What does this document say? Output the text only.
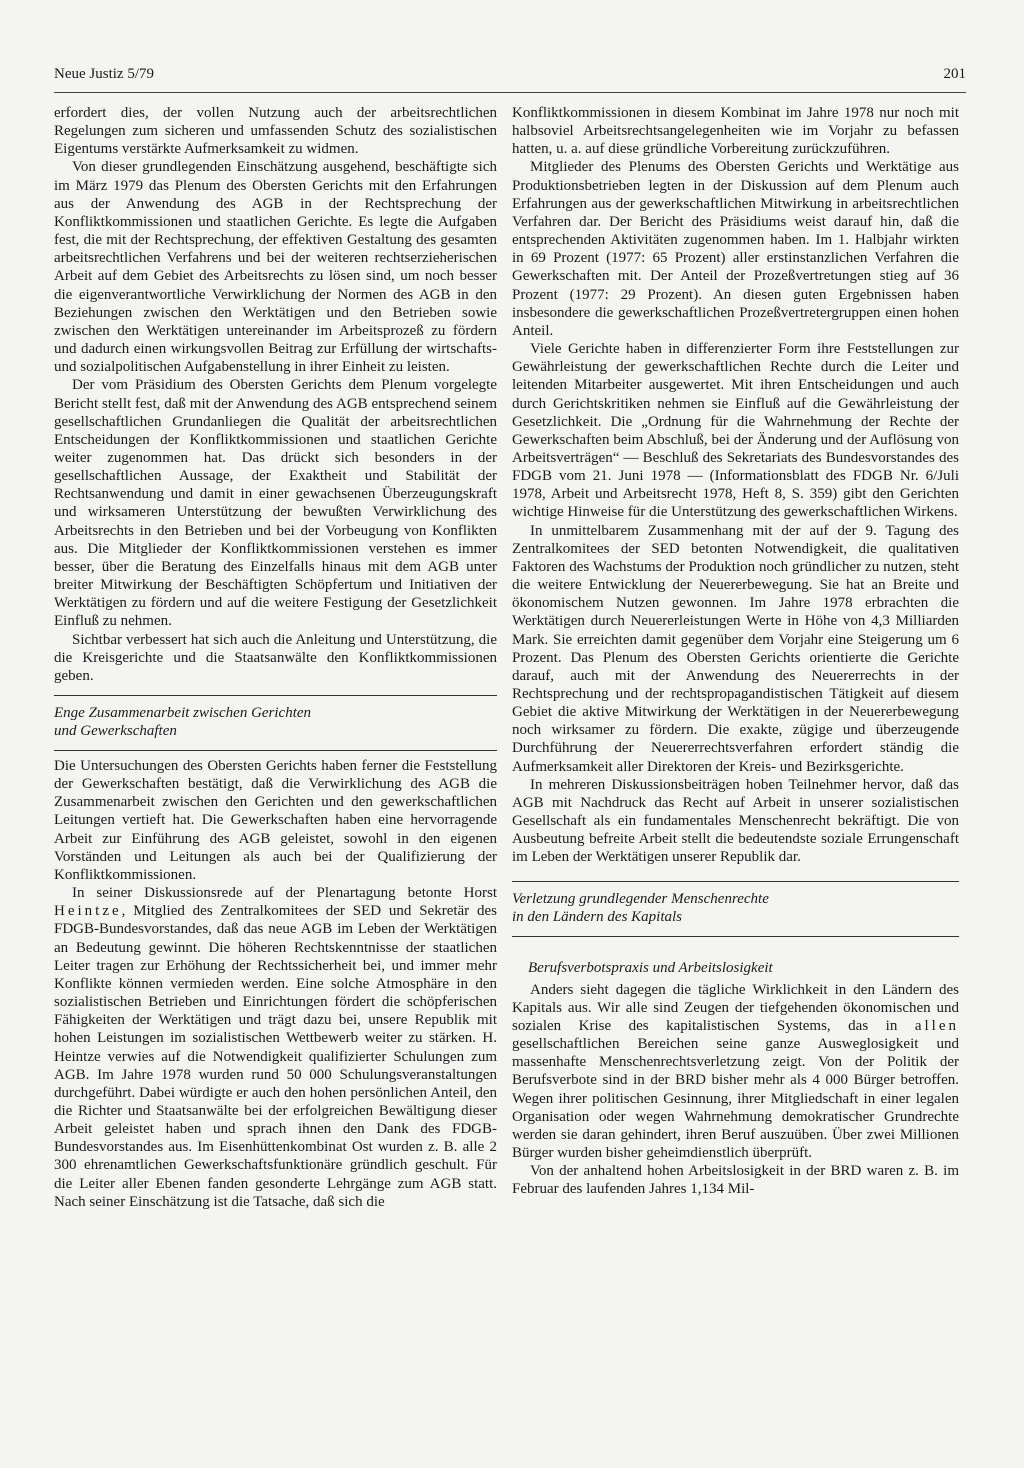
Neue Justiz 5/79	201

erfordert dies, der vollen Nutzung auch der arbeitsrechtlichen Regelungen zum sicheren und umfassenden Schutz des sozialistischen Eigentums verstärkte Aufmerksamkeit zu widmen.

Von dieser grundlegenden Einschätzung ausgehend, beschäftigte sich im März 1979 das Plenum des Obersten Gerichts mit den Erfahrungen aus der Anwendung des AGB in der Rechtsprechung der Konfliktkommissionen und staatlichen Gerichte. Es legte die Aufgaben fest, die mit der Rechtsprechung, der effektiven Gestaltung des gesamten arbeitsrechtlichen Verfahrens und bei der weiteren rechtserzieherischen Arbeit auf dem Gebiet des Arbeitsrechts zu lösen sind, um noch besser die eigenverantwortliche Verwirklichung der Normen des AGB in den Beziehungen zwischen den Werktätigen und den Betrieben sowie zwischen den Werktätigen untereinander im Arbeitsprozeß zu fördern und dadurch einen wirkungsvollen Beitrag zur Erfüllung der wirtschafts- und sozialpolitischen Aufgabenstellung in ihrer Einheit zu leisten.

Der vom Präsidium des Obersten Gerichts dem Plenum vorgelegte Bericht stellt fest, daß mit der Anwendung des AGB entsprechend seinem gesellschaftlichen Grundanliegen die Qualität der arbeitsrechtlichen Entscheidungen der Konfliktkommissionen und staatlichen Gerichte weiter zugenommen hat. Das drückt sich besonders in der gesellschaftlichen Aussage, der Exaktheit und Stabilität der Rechtsanwendung und damit in einer gewachsenen Überzeugungskraft und wirksameren Unterstützung der bewußten Verwirklichung des Arbeitsrechts in den Betrieben und bei der Vorbeugung von Konflikten aus. Die Mitglieder der Konfliktkommissionen verstehen es immer besser, über die Beratung des Einzelfalls hinaus mit dem AGB unter breiter Mitwirkung der Beschäftigten Schöpfertum und Initiativen der Werktätigen zu fördern und auf die weitere Festigung der Gesetzlichkeit Einfluß zu nehmen.

Sichtbar verbessert hat sich auch die Anleitung und Unterstützung, die die Kreisgerichte und die Staatsanwälte den Konfliktkommissionen geben.

Enge Zusammenarbeit zwischen Gerichten
und Gewerkschaften

Die Untersuchungen des Obersten Gerichts haben ferner die Feststellung der Gewerkschaften bestätigt, daß die Verwirklichung des AGB die Zusammenarbeit zwischen den Gerichten und den gewerkschaftlichen Leitungen vertieft hat. Die Gewerkschaften haben eine hervorragende Arbeit zur Einführung des AGB geleistet, sowohl in den eigenen Vorständen und Leitungen als auch bei der Qualifizierung der Konfliktkommissionen.

In seiner Diskussionsrede auf der Plenartagung betonte Horst Heintze, Mitglied des Zentralkomitees der SED und Sekretär des FDGB-Bundesvorstandes, daß das neue AGB im Leben der Werktätigen an Bedeutung gewinnt. Die höheren Rechtskenntnisse der staatlichen Leiter tragen zur Erhöhung der Rechtssicherheit bei, und immer mehr Konflikte können vermieden werden. Eine solche Atmosphäre in den sozialistischen Betrieben und Einrichtungen fördert die schöpferischen Fähigkeiten der Werktätigen und trägt dazu bei, unsere Republik mit hohen Leistungen im sozialistischen Wettbewerb weiter zu stärken. H. Heintze verwies auf die Notwendigkeit qualifizierter Schulungen zum AGB. Im Jahre 1978 wurden rund 50 000 Schulungsveranstaltungen durchgeführt. Dabei würdigte er auch den hohen persönlichen Anteil, den die Richter und Staatsanwälte bei der erfolgreichen Bewältigung dieser Arbeit geleistet haben und sprach ihnen den Dank des FDGB-Bundesvorstandes aus. Im Eisenhüttenkombinat Ost wurden z. B. alle 2 300 ehrenamtlichen Gewerkschaftsfunktionäre gründlich geschult. Für die Leiter aller Ebenen fanden gesonderte Lehrgänge zum AGB statt. Nach seiner Einschätzung ist die Tatsache, daß sich die

Konfliktkommissionen in diesem Kombinat im Jahre 1978 nur noch mit halbsoviel Arbeitsrechtsangelegenheiten wie im Vorjahr zu befassen hatten, u. a. auf diese gründliche Vorbereitung zurückzuführen.

Mitglieder des Plenums des Obersten Gerichts und Werktätige aus Produktionsbetrieben legten in der Diskussion auf dem Plenum auch Erfahrungen aus der gewerkschaftlichen Mitwirkung in arbeitsrechtlichen Verfahren dar. Der Bericht des Präsidiums weist darauf hin, daß die entsprechenden Aktivitäten zugenommen haben. Im 1. Halbjahr wirkten in 69 Prozent (1977: 65 Prozent) aller erstinstanzlichen Verfahren die Gewerkschaften mit. Der Anteil der Prozeßvertretungen stieg auf 36 Prozent (1977: 29 Prozent). An diesen guten Ergebnissen haben insbesondere die gewerkschaftlichen Prozeßvertretergruppen einen hohen Anteil.

Viele Gerichte haben in differenzierter Form ihre Feststellungen zur Gewährleistung der gewerkschaftlichen Rechte durch die Leiter und leitenden Mitarbeiter ausgewertet. Mit ihren Entscheidungen und auch durch Gerichtskritiken nehmen sie Einfluß auf die Gewährleistung der Gesetzlichkeit. Die „Ordnung für die Wahrnehmung der Rechte der Gewerkschaften beim Abschluß, bei der Änderung und der Auflösung von Arbeitsverträgen“ — Beschluß des Sekretariats des Bundesvorstandes des FDGB vom 21. Juni 1978 — (Informationsblatt des FDGB Nr. 6/Juli 1978, Arbeit und Arbeitsrecht 1978, Heft 8, S. 359) gibt den Gerichten wichtige Hinweise für die Unterstützung des gewerkschaftlichen Wirkens.

In unmittelbarem Zusammenhang mit der auf der 9. Tagung des Zentralkomitees der SED betonten Notwendigkeit, die qualitativen Faktoren des Wachstums der Produktion noch gründlicher zu nutzen, steht die weitere Entwicklung der Neuererbewegung. Sie hat an Breite und ökonomischem Nutzen gewonnen. Im Jahre 1978 erbrachten die Werktätigen durch Neuererleistungen Werte in Höhe von 4,3 Milliarden Mark. Sie erreichten damit gegenüber dem Vorjahr eine Steigerung um 6 Prozent. Das Plenum des Obersten Gerichts orientierte die Gerichte darauf, auch mit der Anwendung des Neuererrechts in der Rechtsprechung und der rechtspropagandistischen Tätigkeit auf diesem Gebiet die aktive Mitwirkung der Werktätigen in der Neuererbewegung noch wirksamer zu fördern. Die exakte, zügige und überzeugende Durchführung der Neuererrechtsverfahren erfordert ständig die Aufmerksamkeit aller Direktoren der Kreis- und Bezirksgerichte.

In mehreren Diskussionsbeiträgen hoben Teilnehmer hervor, daß das AGB mit Nachdruck das Recht auf Arbeit in unserer sozialistischen Gesellschaft als ein fundamentales Menschenrecht bekräftigt. Die von Ausbeutung befreite Arbeit stellt die bedeutendste soziale Errungenschaft im Leben der Werktätigen unserer Republik dar.

Verletzung grundlegender Menschenrechte
in den Ländern des Kapitals
Berufsverbotspraxis und Arbeitslosigkeit

Anders sieht dagegen die tägliche Wirklichkeit in den Ländern des Kapitals aus. Wir alle sind Zeugen der tiefgehenden ökonomischen und sozialen Krise des kapitalistischen Systems, das in allen gesellschaftlichen Bereichen seine ganze Ausweglosigkeit und massenhafte Menschenrechtsverletzung zeigt. Von der Politik der Berufsverbote sind in der BRD bisher mehr als 4 000 Bürger betroffen. Wegen ihrer politischen Gesinnung, ihrer Mitgliedschaft in einer legalen Organisation oder wegen Wahrnehmung demokratischer Grundrechte werden sie daran gehindert, ihren Beruf auszuüben. Über zwei Millionen Bürger wurden bisher geheimdienstlich überprüft.

Von der anhaltend hohen Arbeitslosigkeit in der BRD waren z. B. im Februar des laufenden Jahres 1,134 Mil-
